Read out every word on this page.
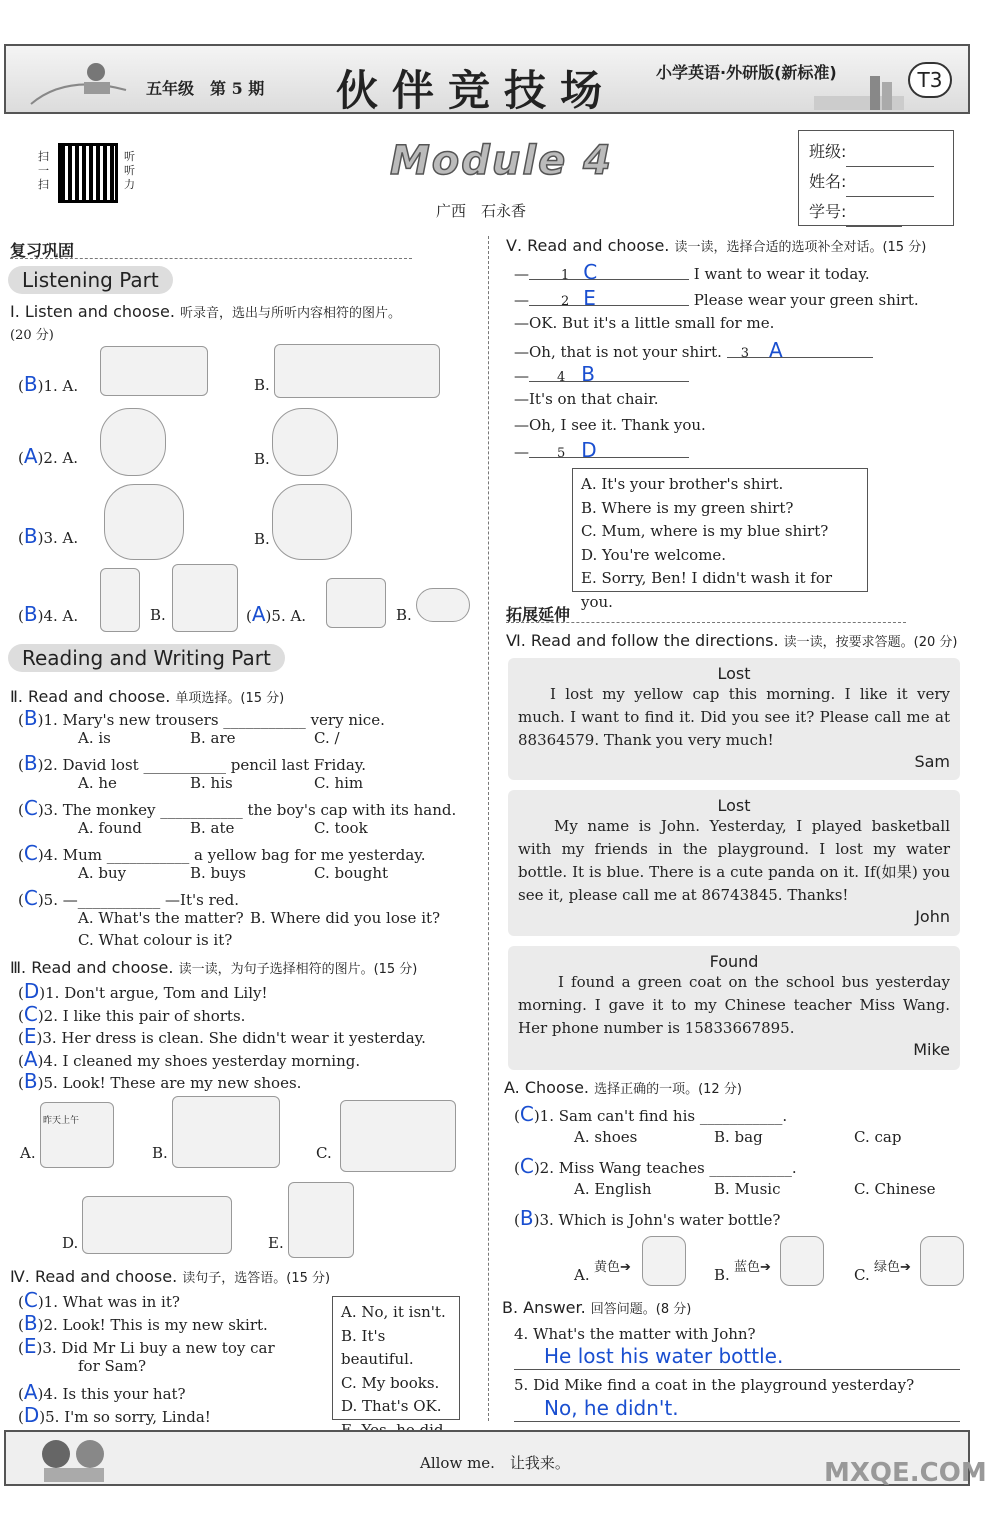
五年级　 第 5 期 伙伴竞技场 小学英语·外研版(新标准)	T3
扫一扫
听听力
Module 4
广西　石永香
班级:
姓名:
学号:
复习巩固
Listening Part
Ⅰ. Listen and choose. 听录音，选出与所听内容相符的图片。
(20 分)
(B)1. A.	B.
(A)2. A.	B.
(B)3. A.	B.
(B)4. A.	B.	(A)5. A.	B.
Reading and Writing Part
Ⅱ. Read and choose. 单项选择。(15 分)
(B)1. Mary's new trousers ___________ very nice.
A. is	B. are	C. /
(B)2. David lost ___________ pencil last Friday.
A. he	B. his	C. him
(C)3. The monkey ___________ the boy's cap with its hand.
A. found	B. ate	C. took
(C)4. Mum ___________ a yellow bag for me yesterday.
A. buy	B. buys	C. bought
(C)5. —___________ —It's red.
A. What's the matter? B. Where did you lose it?
C. What colour is it?
Ⅲ. Read and choose. 读一读，为句子选择相符的图片。(15 分)
(D)1. Don't argue, Tom and Lily!
(C)2. I like this pair of shorts.
(E)3. Her dress is clean. She didn't wear it yesterday.
(A)4. I cleaned my shoes yesterday morning.
(B)5. Look! These are my new shoes.
A.
昨天上午
B.	C.
D.	E.
Ⅳ. Read and choose. 读句子，选答语。(15 分)
(C)1. What was in it?
(B)2. Look! This is my new skirt.
(E)3. Did Mr Li buy a new toy car
for Sam?
(A)4. Is this your hat?
(D)5. I'm so sorry, Linda!
A. No, it isn't.
B. It's beautiful.
C. My books.
D. That's OK.
Ⅴ. Read and choose. 读一读，选择合适的选项补全对话。(15 分)
— 1 C	I want to wear it today.
— 2 E	Please wear your green shirt.
—OK. But it's a little small for me.
—Oh, that is not your shirt. 3 A
— 4 B
—It's on that chair.
—Oh, I see it. Thank you.
— 5 D
A. It's your brother's shirt.
B. Where is my green shirt?
C. Mum, where is my blue shirt?
D. You're welcome.
E. Sorry, Ben! I didn't wash it for you.
拓展延伸
Ⅵ. Read and follow the directions. 读一读，按要求答题。(20 分)
Lost
I lost my yellow cap this morning. I like it very much. I want to find it. Did you see it? Please call me at 88364579. Thank you very much!
Sam
Lost
My name is John. Yesterday, I played basketball with my friends in the playground. I lost my water bottle. It is blue. There is a cute panda on it. If(如果) you see it, please call me at 86743845. Thanks!
John
Found
I found a green coat on the school bus yesterday morning. I gave it to my Chinese teacher Miss Wang. Her phone number is 15833667895.
Mike
A. Choose. 选择正确的一项。(12 分)
(C)1. Sam can't find his ___________.
A. shoes	B. bag	C. cap
(C)2. Miss Wang teaches ___________.
A. English	B. Music	C. Chinese
(B)3. Which is John's water bottle?
A. 黄色➔	B. 蓝色➔	C. 绿色➔
B. Answer. 回答问题。(8 分)
4. What's the matter with John?
He lost his water bottle.
5. Did Mike find a coat in the playground yesterday?
No, he didn't.
Allow me.　让我来。	MXQE.COM
